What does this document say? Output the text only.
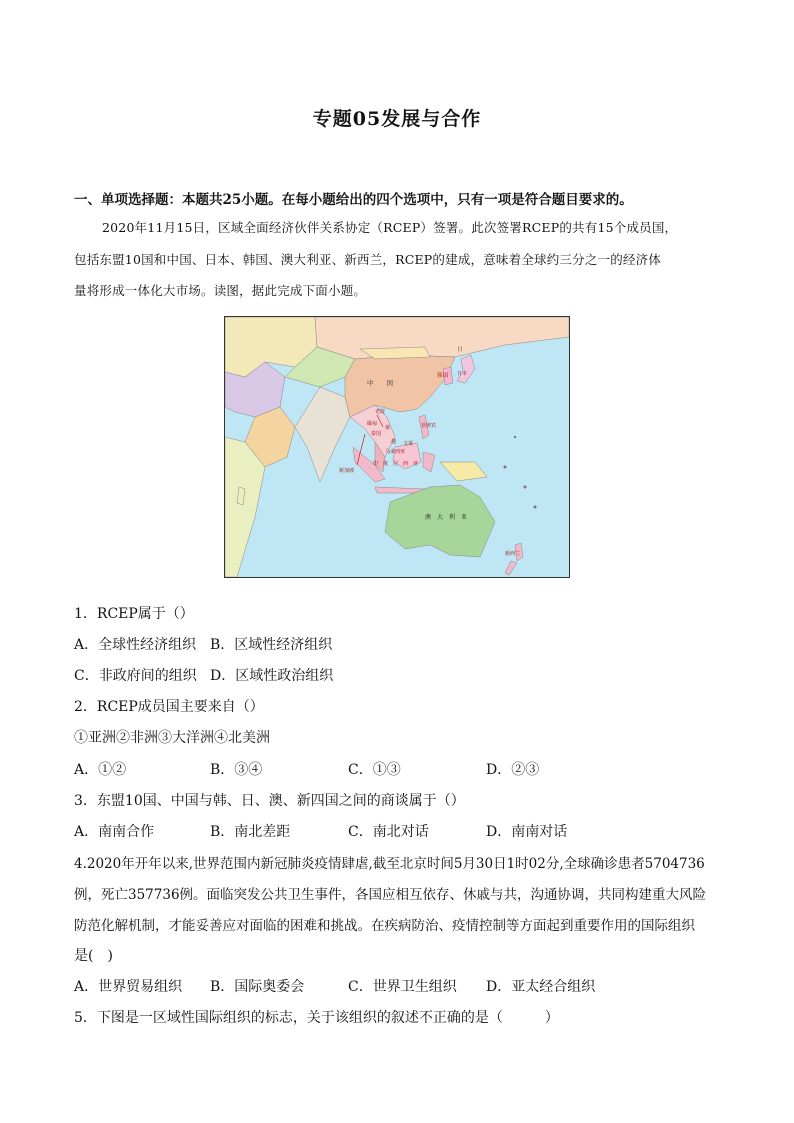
专题05发展与合作
一、单项选择题：本题共25小题。在每小题给出的四个选项中，只有一项是符合题目要求的。
2020年11月15日，区域全面经济伙伴关系协定（RCEP）签署。此次签署RCEP的共有15个成员国，
包括东盟10国和中国、日本、韩国、澳大利亚、新西兰，RCEP的建成，意味着全球约三分之一的经济体
量将形成一体化大市场。读图，据此完成下面小题。
中　　国
韩国
日
日本
老挝
缅甸
泰国
柬
越
菲律宾
文莱
马来西亚
新加坡
印　度　尼　西　亚
澳　大　利　亚
新西兰
1．RCEP属于（）
A．全球性经济组织 B．区域性经济组织
C．非政府间的组织 D．区域性政治组织
2．RCEP成员国主要来自（）
①亚洲②非洲③大洋洲④北美洲
A．①②	B．③④	C．①③	D．②③
3．东盟10国、中国与韩、日、澳、新四国之间的商谈属于（）
A．南南合作	B．南北差距	C．南北对话	D．南南对话
4.2020年开年以来,世界范围内新冠肺炎疫情肆虐,截至北京时间5月30日1时02分,全球确诊患者5704736
例，死亡357736例。面临突发公共卫生事件，各国应相互依存、休戚与共，沟通协调，共同构建重大风险
防范化解机制，才能妥善应对面临的困难和挑战。在疾病防治、疫情控制等方面起到重要作用的国际组织
是(　)
A．世界贸易组织 B．国际奥委会	C．世界卫生组织 D．亚太经合组织
5．下图是一区域性国际组织的标志，关于该组织的叙述不正确的是（　　　）
